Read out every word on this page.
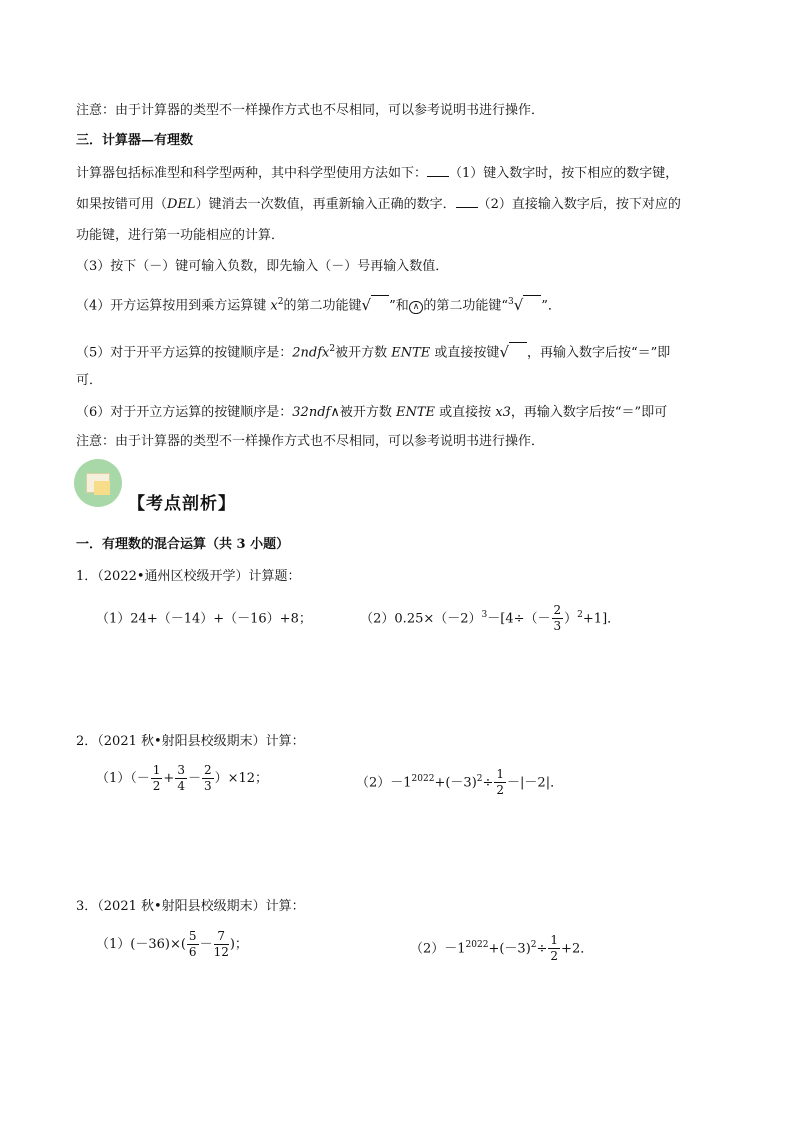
注意：由于计算器的类型不一样操作方式也不尽相同，可以参考说明书进行操作．
三．计算器—有理数
计算器包括标准型和科学型两种，其中科学型使用方法如下： （1）键入数字时，按下相应的数字键，
如果按错可用（DEL）键消去一次数值，再重新输入正确的数字． （2）直接输入数字后，按下对应的
功能键，进行第一功能相应的计算．
（3）按下（－）键可输入负数，即先输入（－）号再输入数值．
（4）开方运算按用到乘方运算键 $x^2$的第二功能键√ ”和 ∧ 的第二功能键“$^3$√ ”．
（5）对于开平方运算的按键顺序是：2ndfx$^2$被开方数 ENTE 或直接按键√ ，再输入数字后按“＝”即
可．
（6）对于开立方运算的按键顺序是：32ndf∧被开方数 ENTE 或直接按 x3，再输入数字后按“＝”即可
注意：由于计算器的类型不一样操作方式也不尽相同，可以参考说明书进行操作．
【考点剖析】
一．有理数的混合运算（共 3 小题）
1．（2022•通州区校级开学）计算题：
（1）24+（－14）+（－16）+8；	$(2)0.25\times(-2)^3-[4\div(- \frac{2}{3} )^2+1]$．
2．（2021 秋•射阳县校级期末）计算：
$(1)(- \frac{1}{2} + \frac{3}{4} - \frac{2}{3} )\times 12$；	$(2)-1^{2022}+(-3)^2\div \frac{1}{2} -|-2|$．
3．（2021 秋•射阳县校级期末）计算：
$(1)(-36)\times( \frac{5}{6} - \frac{7}{12}$ )；	$(2)-1^{2022}+(-3)^2\div \frac{1}{2} +2$．
